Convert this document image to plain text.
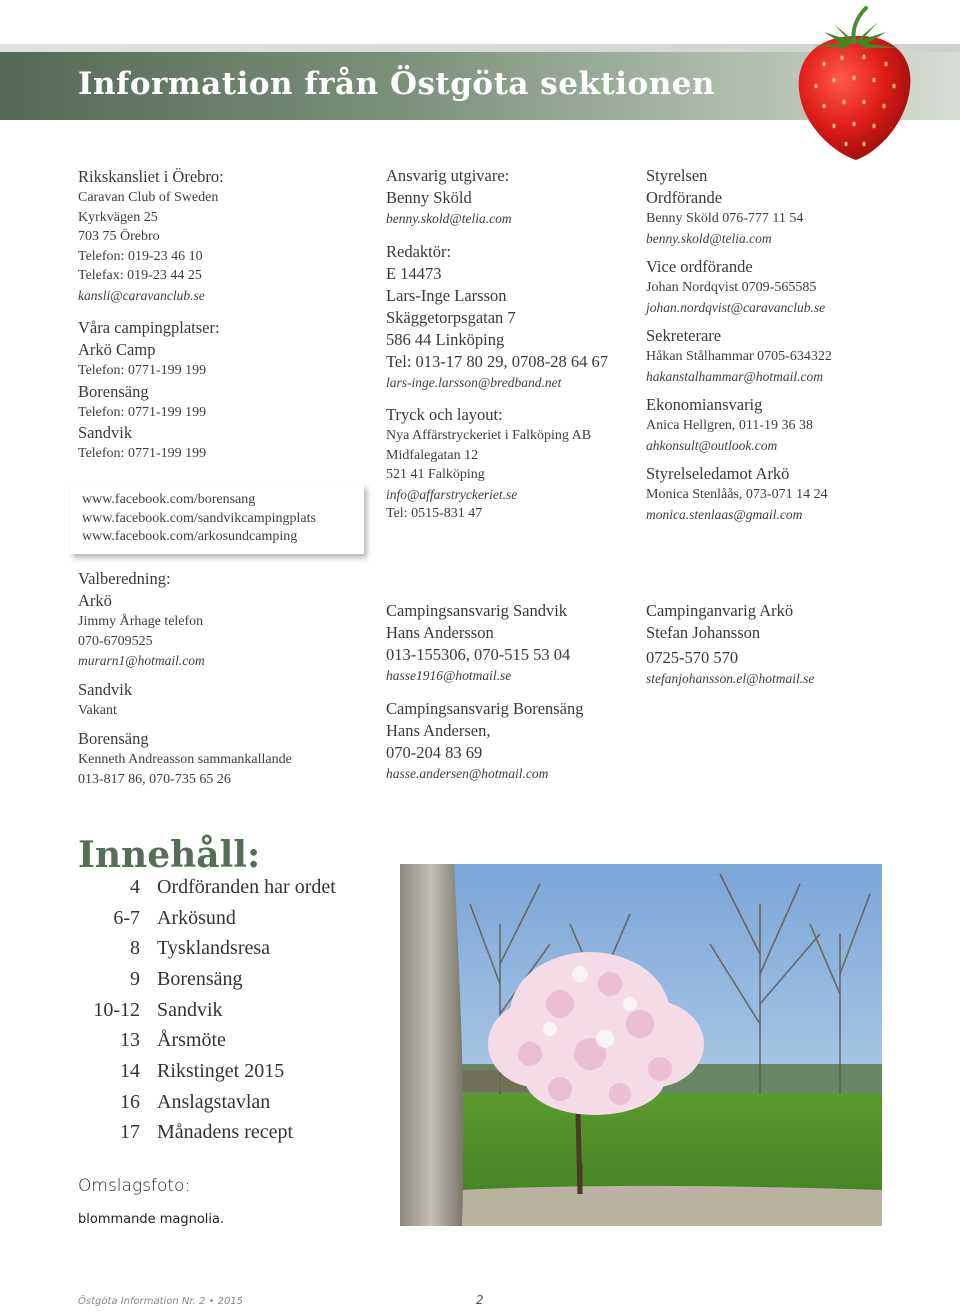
Information från Östgöta sektionen

Rikskansliet i Örebro:

Caravan Club of Sweden

Kyrkvägen 25

703 75 Örebro

Telefon: 019-23 46 10

Telefax: 019-23 44 25

kansli@caravanclub.se

Våra campingplatser:

Arkö Camp

Telefon: 0771-199 199

Borensäng

Telefon: 0771-199 199

Sandvik

Telefon: 0771-199 199

www.facebook.com/borensang

www.facebook.com/sandvikcampingplats

www.facebook.com/arkosundcamping

Valberedning:

Arkö

Jimmy Århage telefon

070-6709525

murarn1@hotmail.com

Sandvik

Vakant

Borensäng

Kenneth Andreasson sammankallande

013-817 86, 070-735 65 26

Ansvarig utgivare:

Benny Sköld

benny.skold@telia.com

Redaktör:

E 14473

Lars-Inge Larsson

Skäggetorpsgatan 7

586 44 Linköping

Tel: 013-17 80 29, 0708-28 64 67

lars-inge.larsson@bredband.net

Tryck och layout:

Nya Affärstryckeriet i Falköping AB

Midfalegatan 12

521 41 Falköping

info@affarstryckeriet.se

Tel: 0515-831 47

Campingsansvarig Sandvik

Hans Andersson

013-155306, 070-515 53 04

hasse1916@hotmail.se

Campingsansvarig Borensäng

Hans Andersen,

070-204 83 69

hasse.andersen@hotmail.com

Styrelsen

Ordförande

Benny Sköld 076-777 11 54

benny.skold@telia.com

Vice ordförande

Johan Nordqvist 0709-565585

johan.nordqvist@caravanclub.se

Sekreterare

Håkan Stålhammar 0705-634322

hakanstalhammar@hotmail.com

Ekonomiansvarig

Anica Hellgren, 011-19 36 38

ahkonsult@outlook.com

Styrelseledamot Arkö

Monica Stenlåås, 073-071 14 24

monica.stenlaas@gmail.com

Campinganvarig Arkö

Stefan Johansson

0725-570 570

stefanjohansson.el@hotmail.se

Innehåll:
4 Ordföranden har ordet
6-7 Arkösund
8 Tysklandsresa
9 Borensäng
10-12 Sandvik
13 Årsmöte
14 Rikstinget 2015
16 Anslagstavlan
17 Månadens recept
Omslagsfoto:
blommande magnolia.
Östgöta Information Nr. 2 • 2015	2
